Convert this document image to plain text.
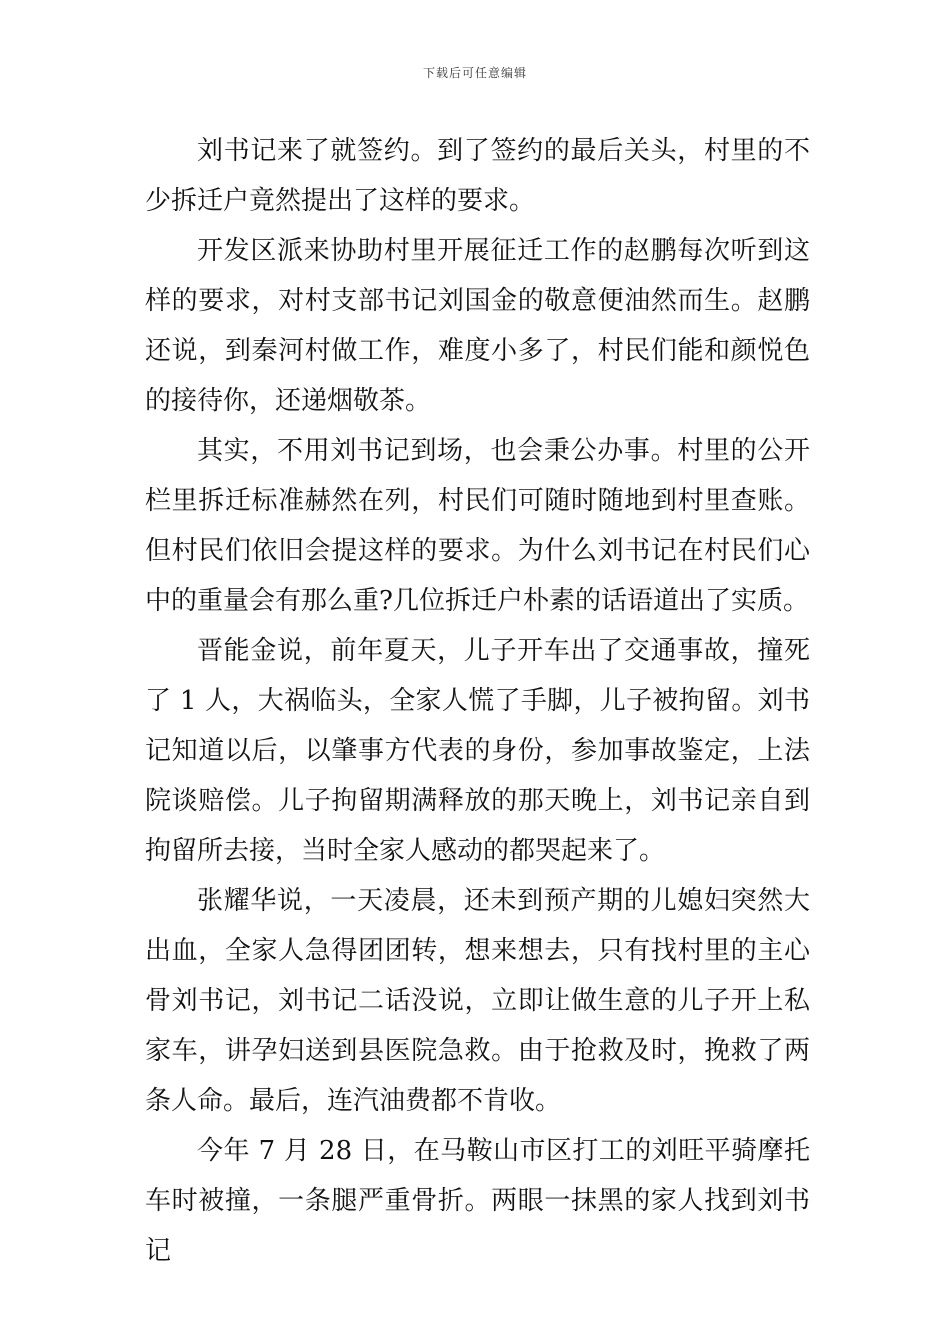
下载后可任意编辑

刘书记来了就签约。到了签约的最后关头，村里的不少拆迁户竟然提出了这样的要求。

开发区派来协助村里开展征迁工作的赵鹏每次听到这样的要求，对村支部书记刘国金的敬意便油然而生。赵鹏还说，到秦河村做工作，难度小多了，村民们能和颜悦色的接待你，还递烟敬茶。

其实，不用刘书记到场，也会秉公办事。村里的公开栏里拆迁标准赫然在列，村民们可随时随地到村里查账。但村民们依旧会提这样的要求。为什么刘书记在村民们心中的重量会有那么重?几位拆迁户朴素的话语道出了实质。

晋能金说，前年夏天，儿子开车出了交通事故，撞死了 1 人，大祸临头，全家人慌了手脚，儿子被拘留。刘书记知道以后，以肇事方代表的身份，参加事故鉴定，上法院谈赔偿。儿子拘留期满释放的那天晚上，刘书记亲自到拘留所去接，当时全家人感动的都哭起来了。

张耀华说，一天凌晨，还未到预产期的儿媳妇突然大出血，全家人急得团团转，想来想去，只有找村里的主心骨刘书记，刘书记二话没说，立即让做生意的儿子开上私家车，讲孕妇送到县医院急救。由于抢救及时，挽救了两条人命。最后，连汽油费都不肯收。

今年 7 月 28 日，在马鞍山市区打工的刘旺平骑摩托车时被撞，一条腿严重骨折。两眼一抹黑的家人找到刘书记
